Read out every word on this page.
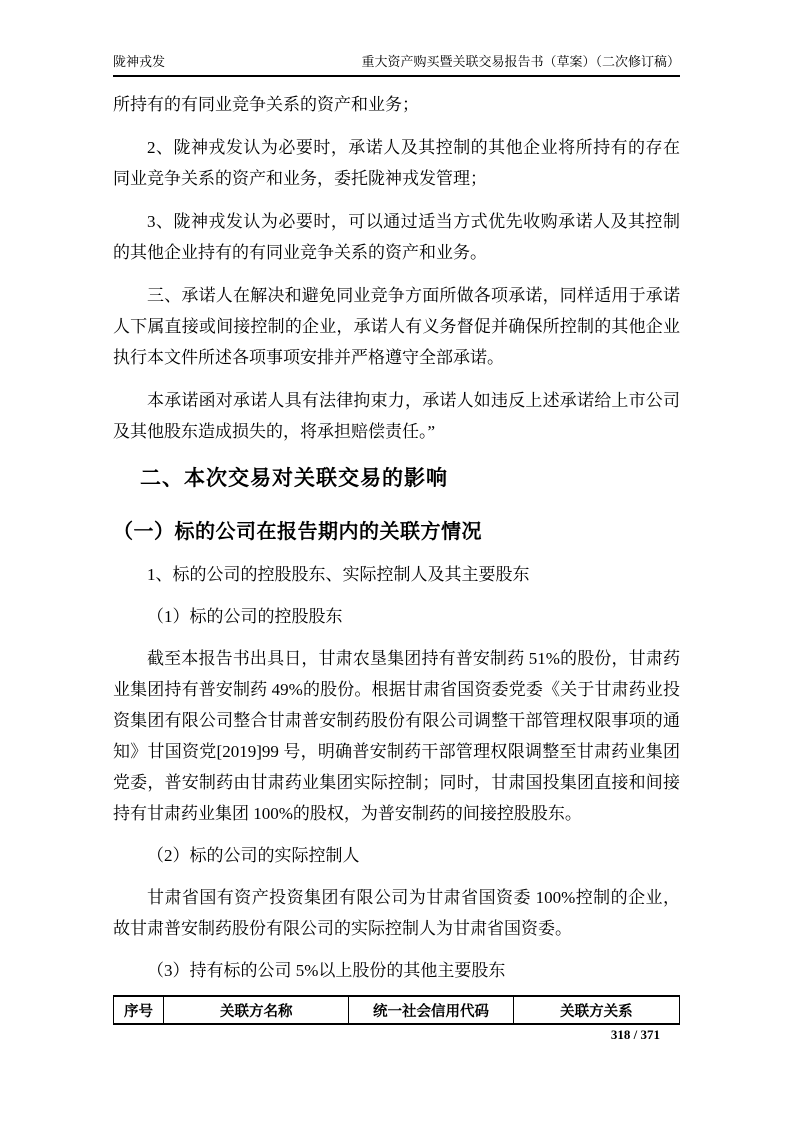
陇神戎发	重大资产购买暨关联交易报告书（草案）（二次修订稿）

所持有的有同业竞争关系的资产和业务；

2、陇神戎发认为必要时，承诺人及其控制的其他企业将所持有的存在同业竞争关系的资产和业务，委托陇神戎发管理；

3、陇神戎发认为必要时，可以通过适当方式优先收购承诺人及其控制的其他企业持有的有同业竞争关系的资产和业务。

三、承诺人在解决和避免同业竞争方面所做各项承诺，同样适用于承诺人下属直接或间接控制的企业，承诺人有义务督促并确保所控制的其他企业执行本文件所述各项事项安排并严格遵守全部承诺。

本承诺函对承诺人具有法律拘束力，承诺人如违反上述承诺给上市公司及其他股东造成损失的，将承担赔偿责任。”

二、本次交易对关联交易的影响
（一）标的公司在报告期内的关联方情况

1、标的公司的控股股东、实际控制人及其主要股东

（1）标的公司的控股股东

截至本报告书出具日，甘肃农垦集团持有普安制药 51%的股份，甘肃药业集团持有普安制药 49%的股份。根据甘肃省国资委党委《关于甘肃药业投资集团有限公司整合甘肃普安制药股份有限公司调整干部管理权限事项的通知》甘国资党[2019]99 号，明确普安制药干部管理权限调整至甘肃药业集团党委，普安制药由甘肃药业集团实际控制；同时，甘肃国投集团直接和间接持有甘肃药业集团 100%的股权，为普安制药的间接控股股东。

（2）标的公司的实际控制人

甘肃省国有资产投资集团有限公司为甘肃省国资委 100%控制的企业，故甘肃普安制药股份有限公司的实际控制人为甘肃省国资委。

（3）持有标的公司 5%以上股份的其他主要股东

序号	关联方名称	统一社会信用代码	关联方关系
318 / 371
